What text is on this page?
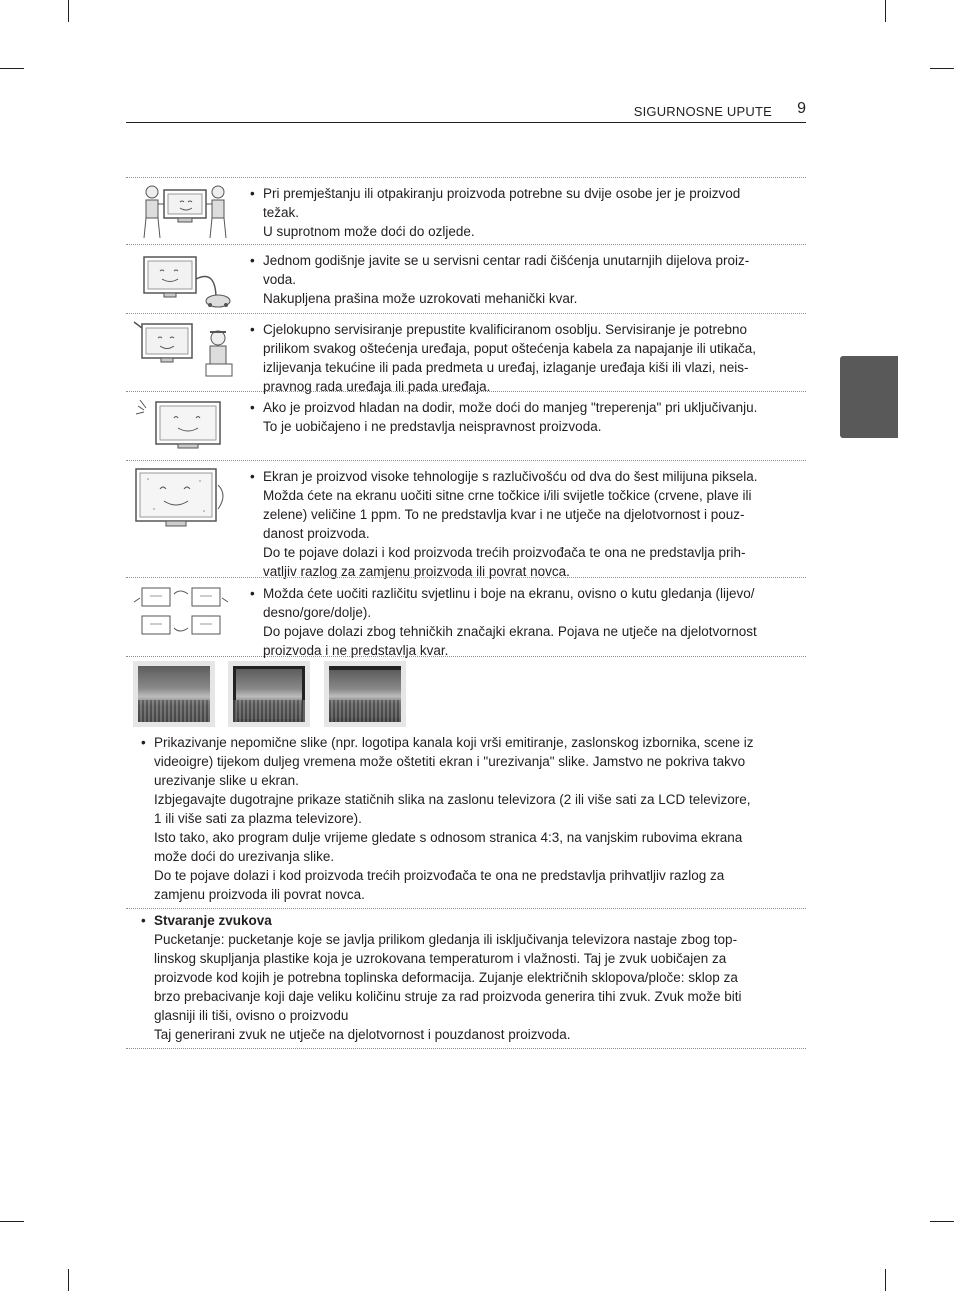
SIGURNOSNE UPUTE 9
HRVATSKI
• Pri premještanju ili otpakiranju proizvoda potrebne su dvije osobe jer je proizvod

težak.

U suprotnom može doći do ozljede.

• Jednom godišnje javite se u servisni centar radi čišćenja unutarnjih dijelova proiz-

voda.

Nakupljena prašina može uzrokovati mehanički kvar.

• Cjelokupno servisiranje prepustite kvalificiranom osoblju. Servisiranje je potrebno

prilikom svakog oštećenja uređaja, poput oštećenja kabela za napajanje ili utikača,

izlijevanja tekućine ili pada predmeta u uređaj, izlaganje uređaja kiši ili vlazi, neis-

pravnog rada uređaja ili pada uređaja.

• Ako je proizvod hladan na dodir, može doći do manjeg "treperenja" pri uključivanju.

To je uobičajeno i ne predstavlja neispravnost proizvoda.

• Ekran je proizvod visoke tehnologije s razlučivošću od dva do šest milijuna piksela.

Možda ćete na ekranu uočiti sitne crne točkice i/ili svijetle točkice (crvene, plave ili

zelene) veličine 1 ppm. To ne predstavlja kvar i ne utječe na djelotvornost i pouz-

danost proizvoda.

Do te pojave dolazi i kod proizvoda trećih proizvođača te ona ne predstavlja prih-

vatljiv razlog za zamjenu proizvoda ili povrat novca.

• Možda ćete uočiti različitu svjetlinu i boje na ekranu, ovisno o kutu gledanja (lijevo/

desno/gore/dolje).

Do pojave dolazi zbog tehničkih značajki ekrana. Pojava ne utječe na djelotvornost

proizvoda i ne predstavlja kvar.

• Prikazivanje nepomične slike (npr. logotipa kanala koji vrši emitiranje, zaslonskog izbornika, scene iz

videoigre) tijekom duljeg vremena može oštetiti ekran i "urezivanja" slike. Jamstvo ne pokriva takvo

urezivanje slike u ekran.

Izbjegavajte dugotrajne prikaze statičnih slika na zaslonu televizora (2 ili više sati za LCD televizore,

1 ili više sati za plazma televizore).

Isto tako, ako program dulje vrijeme gledate s odnosom stranica 4:3, na vanjskim rubovima ekrana

može doći do urezivanja slike.

Do te pojave dolazi i kod proizvoda trećih proizvođača te ona ne predstavlja prihvatljiv razlog za

zamjenu proizvoda ili povrat novca.

• Stvaranje zvukova

Pucketanje: pucketanje koje se javlja prilikom gledanja ili isključivanja televizora nastaje zbog top-

linskog skupljanja plastike koja je uzrokovana temperaturom i vlažnosti. Taj je zvuk uobičajen za

proizvode kod kojih je potrebna toplinska deformacija. Zujanje električnih sklopova/ploče: sklop za

brzo prebacivanje koji daje veliku količinu struje za rad proizvoda generira tihi zvuk. Zvuk može biti

glasniji ili tiši, ovisno o proizvodu

Taj generirani zvuk ne utječe na djelotvornost i pouzdanost proizvoda.
